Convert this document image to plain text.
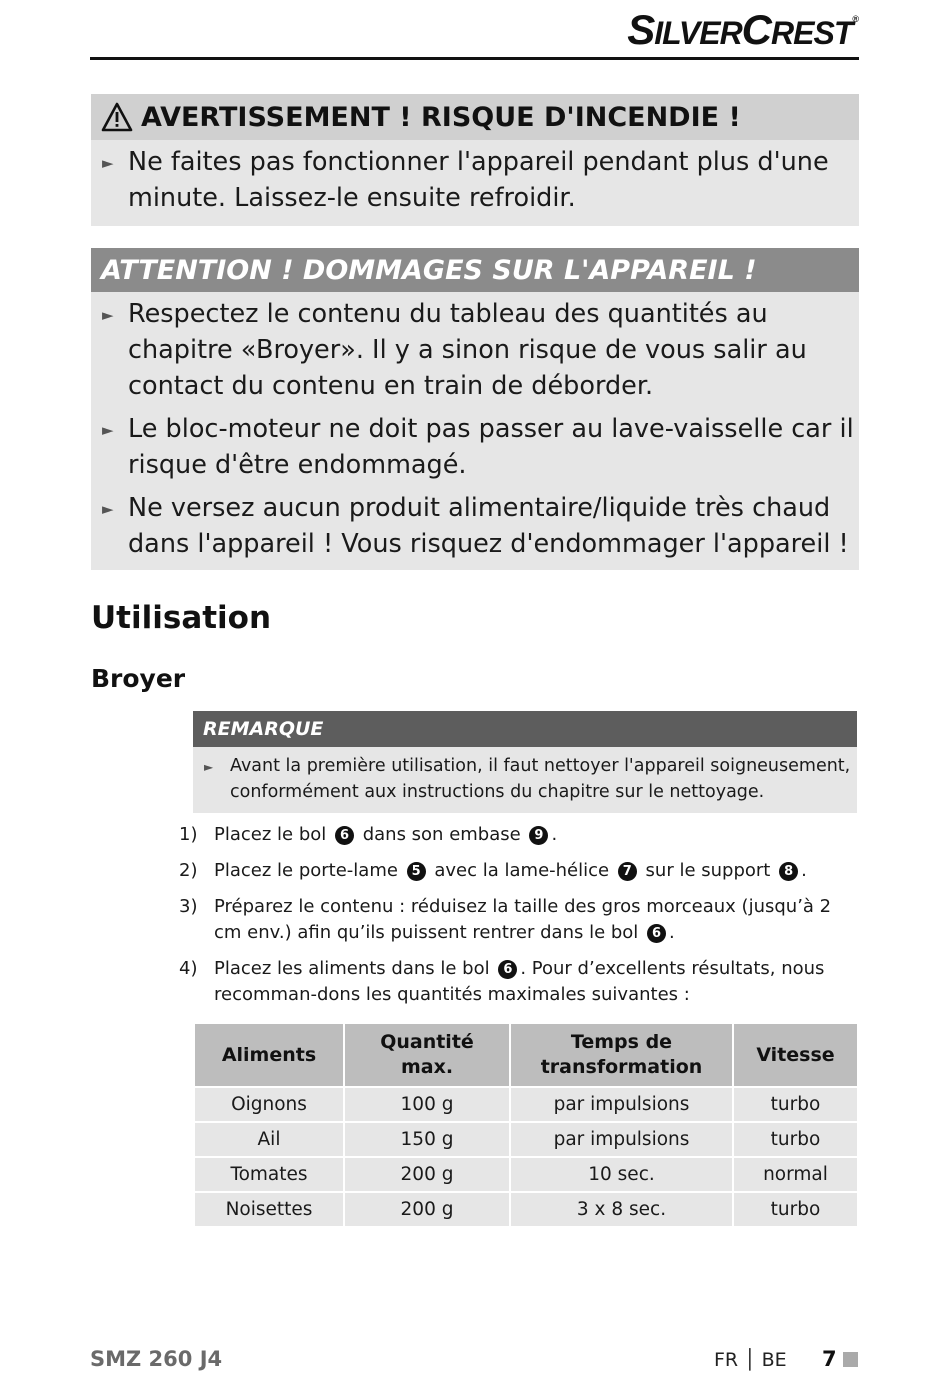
SILVERCREST®
AVERTISSEMENT ! RISQUE D'INCENDIE !
► Ne faites pas fonctionner l'appareil pendant plus d'une minute. Laissez-le ensuite refroidir.
ATTENTION ! DOMMAGES SUR L'APPAREIL !
► Respectez le contenu du tableau des quantités au chapitre «Broyer». Il y a sinon risque de vous salir au contact du contenu en train de déborder.
► Le bloc-moteur ne doit pas passer au lave-vaisselle car il risque d'être endommagé.
► Ne versez aucun produit alimentaire/liquide très chaud dans l'appareil ! Vous risquez d'endommager l'appareil !
Utilisation
Broyer
REMARQUE
► Avant la première utilisation, il faut nettoyer l'appareil soigneusement, conformément aux instructions du chapitre sur le nettoyage.
1) Placez le bol 6 dans son embase 9 .
2) Placez le porte-lame 5 avec la lame-hélice 7 sur le support 8 .
3) Préparez le contenu : réduisez la taille des gros morceaux (jusqu’à 2 cm env.) afin qu’ils puissent rentrer dans le bol 6 .
4) Placez les aliments dans le bol 6 . Pour d’excellents résultats, nous recomman-dons les quantités maximales suivantes :
Aliments	Quantité max.	Temps de transformation	Vitesse
Oignons	100 g	par impulsions	turbo
Ail	150 g	par impulsions	turbo
Tomates	200 g	10 sec.	normal
Noisettes	200 g	3 x 8 sec.	turbo
SMZ 260 J4	FR │ BE 7
